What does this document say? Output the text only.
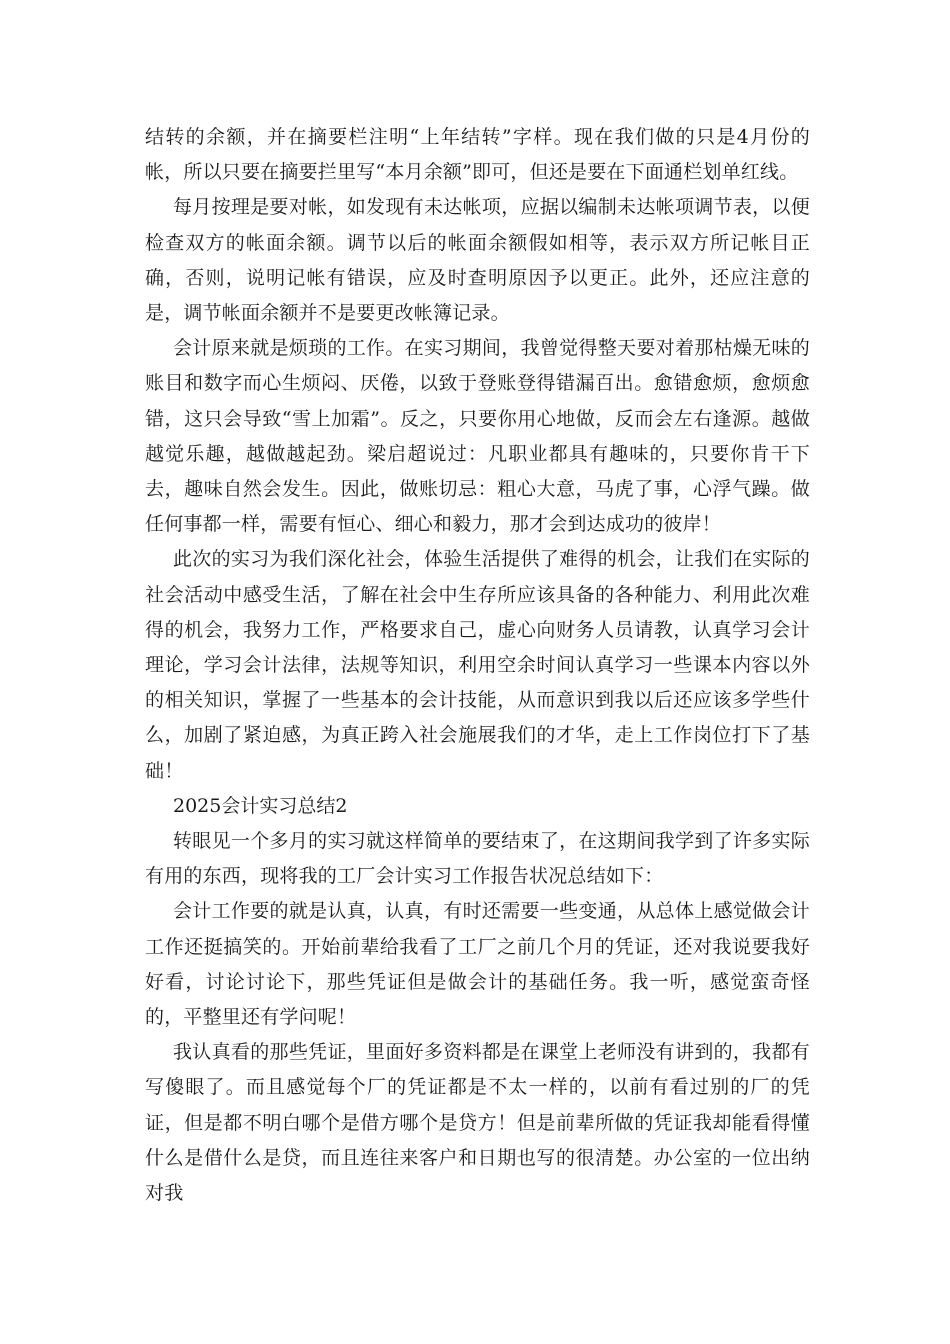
结转的余额，并在摘要栏注明“上年结转”字样。现在我们做的只是4月份的帐，所以只要在摘要拦里写“本月余额”即可，但还是要在下面通栏划单红线。

每月按理是要对帐，如发现有未达帐项，应据以编制未达帐项调节表，以便检查双方的帐面余额。调节以后的帐面余额假如相等，表示双方所记帐目正确，否则，说明记帐有错误，应及时查明原因予以更正。此外，还应注意的是，调节帐面余额并不是要更改帐簿记录。

会计原来就是烦琐的工作。在实习期间，我曾觉得整天要对着那枯燥无味的账目和数字而心生烦闷、厌倦，以致于登账登得错漏百出。愈错愈烦，愈烦愈错，这只会导致“雪上加霜”。反之，只要你用心地做，反而会左右逢源。越做越觉乐趣，越做越起劲。梁启超说过：凡职业都具有趣味的，只要你肯干下去，趣味自然会发生。因此，做账切忌：粗心大意，马虎了事，心浮气躁。做任何事都一样，需要有恒心、细心和毅力，那才会到达成功的彼岸！

此次的实习为我们深化社会，体验生活提供了难得的机会，让我们在实际的社会活动中感受生活，了解在社会中生存所应该具备的各种能力、利用此次难得的机会，我努力工作，严格要求自己，虚心向财务人员请教，认真学习会计理论，学习会计法律，法规等知识，利用空余时间认真学习一些课本内容以外的相关知识，掌握了一些基本的会计技能，从而意识到我以后还应该多学些什么，加剧了紧迫感，为真正跨入社会施展我们的才华，走上工作岗位打下了基础！

2025会计实习总结2

转眼见一个多月的实习就这样简单的要结束了，在这期间我学到了许多实际有用的东西，现将我的工厂会计实习工作报告状况总结如下：

会计工作要的就是认真，认真，有时还需要一些变通，从总体上感觉做会计工作还挺搞笑的。开始前辈给我看了工厂之前几个月的凭证，还对我说要我好好看，讨论讨论下，那些凭证但是做会计的基础任务。我一听，感觉蛮奇怪的，平整里还有学问呢！

我认真看的那些凭证，里面好多资料都是在课堂上老师没有讲到的，我都有写傻眼了。而且感觉每个厂的凭证都是不太一样的，以前有看过别的厂的凭证，但是都不明白哪个是借方哪个是贷方！但是前辈所做的凭证我却能看得懂什么是借什么是贷，而且连往来客户和日期也写的很清楚。办公室的一位出纳对我
